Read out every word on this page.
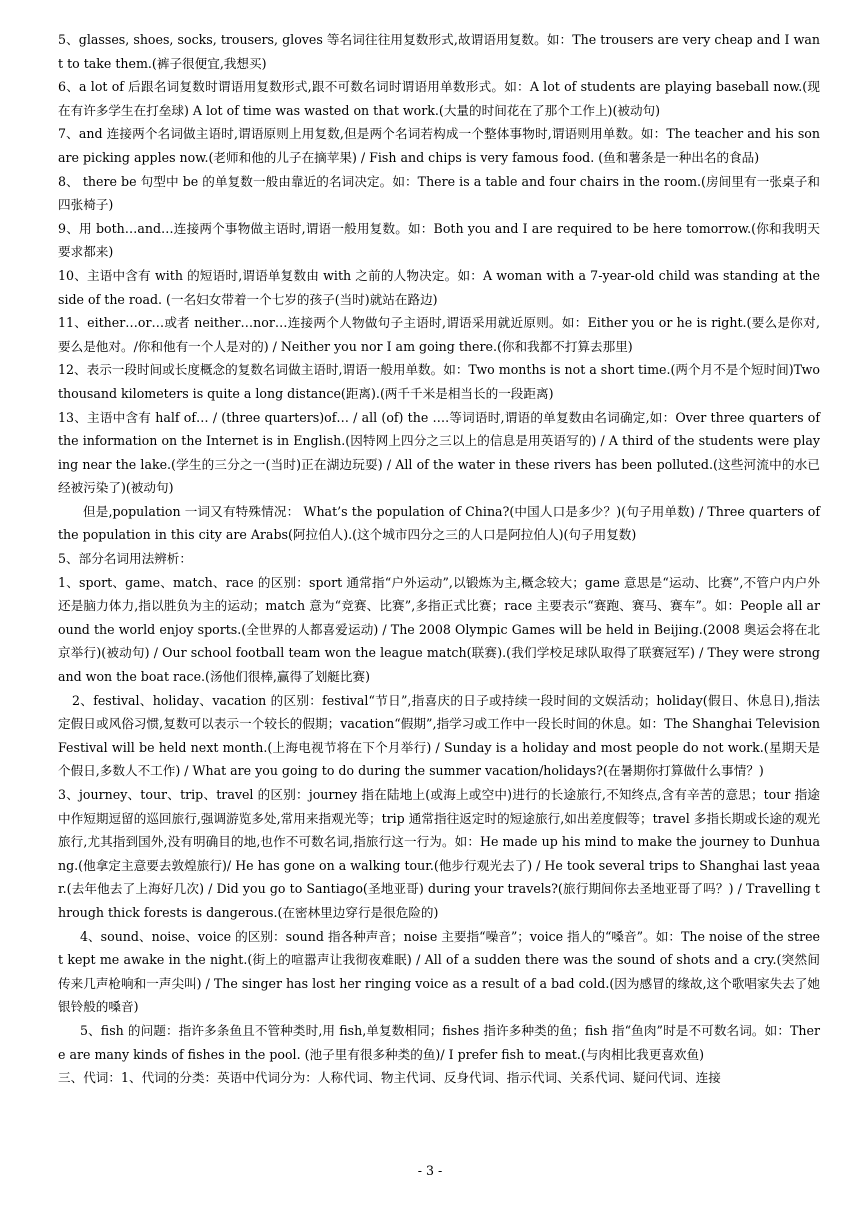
5、glasses, shoes, socks, trousers, gloves 等名词往往用复数形式,故谓语用复数。如：The trousers are very cheap and I want to take them.(裤子很便宜,我想买)

6、a lot of 后跟名词复数时谓语用复数形式,跟不可数名词时谓语用单数形式。如：A lot of students are playing baseball now.(现在有许多学生在打垒球) A lot of time was wasted on that work.(大量的时间花在了那个工作上)(被动句)

7、and 连接两个名词做主语时,谓语原则上用复数,但是两个名词若构成一个整体事物时,谓语则用单数。如：The teacher and his son are picking apples now.(老师和他的儿子在摘苹果) / Fish and chips is very famous food. (鱼和薯条是一种出名的食品)

8、 there be 句型中 be 的单复数一般由靠近的名词决定。如：There is a table and four chairs in the room.(房间里有一张桌子和四张椅子)

9、用 both…and…连接两个事物做主语时,谓语一般用复数。如：Both you and I are required to be here tomorrow.(你和我明天要求都来)

10、主语中含有 with 的短语时,谓语单复数由 with 之前的人物决定。如：A woman with a 7-year-old child was standing at the side of the road. (一名妇女带着一个七岁的孩子(当时)就站在路边)

11、either…or…或者 neither…nor…连接两个人物做句子主语时,谓语采用就近原则。如：Either you or he is right.(要么是你对,要么是他对。/你和他有一个人是对的) / Neither you nor I am going there.(你和我都不打算去那里)

12、表示一段时间或长度概念的复数名词做主语时,谓语一般用单数。如：Two months is not a short time.(两个月不是个短时间)Two thousand kilometers is quite a long distance(距离).(两千千米是相当长的一段距离)

13、主语中含有 half of… / (three quarters)of… / all (of) the ….等词语时,谓语的单复数由名词确定,如：Over three quarters of the information on the Internet is in English.(因特网上四分之三以上的信息是用英语写的) / A third of the students were playing near the lake.(学生的三分之一(当时)正在湖边玩耍) / All of the water in these rivers has been polluted.(这些河流中的水已经被污染了)(被动句)

但是,population 一词又有特殊情况： What’s the population of China?(中国人口是多少？)(句子用单数) / Three quarters of the population in this city are Arabs(阿拉伯人).(这个城市四分之三的人口是阿拉伯人)(句子用复数)

5、部分名词用法辨析：

1、sport、game、match、race 的区别：sport 通常指“户外运动”,以锻炼为主,概念较大；game 意思是“运动、比赛”,不管户内户外还是脑力体力,指以胜负为主的运动；match 意为“竞赛、比赛”,多指正式比赛；race 主要表示“赛跑、赛马、赛车”。如：People all around the world enjoy sports.(全世界的人都喜爱运动) / The 2008 Olympic Games will be held in Beijing.(2008 奥运会将在北京举行)(被动句) / Our school football team won the league match(联赛).(我们学校足球队取得了联赛冠军) / They were strong and won the boat race.(汤他们很棒,赢得了划艇比赛)

2、festival、holiday、vacation 的区别：festival“节日”,指喜庆的日子或持续一段时间的文娱活动；holiday(假日、休息日),指法定假日或风俗习惯,复数可以表示一个较长的假期；vacation“假期”,指学习或工作中一段长时间的休息。如：The Shanghai Television Festival will be held next month.(上海电视节将在下个月举行) / Sunday is a holiday and most people do not work.(星期天是个假日,多数人不工作) / What are you going to do during the summer vacation/holidays?(在暑期你打算做什么事情？)

3、journey、tour、trip、travel 的区别：journey 指在陆地上(或海上或空中)进行的长途旅行,不知终点,含有辛苦的意思；tour 指途中作短期逗留的巡回旅行,强调游览多处,常用来指观光等；trip 通常指往返定时的短途旅行,如出差度假等；travel 多指长期或长途的观光旅行,尤其指到国外,没有明确目的地,也作不可数名词,指旅行这一行为。如：He made up his mind to make the journey to Dunhuang.(他拿定主意要去敦煌旅行)/ He has gone on a walking tour.(他步行观光去了) / He took several trips to Shanghai last yeaar.(去年他去了上海好几次) / Did you go to Santiago(圣地亚哥) during your travels?(旅行期间你去圣地亚哥了吗？) / Travelling through thick forests is dangerous.(在密林里边穿行是很危险的)

4、sound、noise、voice 的区别：sound 指各种声音；noise 主要指“噪音”；voice 指人的“嗓音”。如：The noise of the street kept me awake in the night.(街上的喧嚣声让我彻夜难眠) / All of a sudden there was the sound of shots and a cry.(突然间传来几声枪响和一声尖叫) / The singer has lost her ringing voice as a result of a bad cold.(因为感冒的缘故,这个歌唱家失去了她银铃般的嗓音)

5、fish 的问题：指许多条鱼且不管种类时,用 fish,单复数相同；fishes 指许多种类的鱼；fish 指“鱼肉”时是不可数名词。如：There are many kinds of fishes in the pool. (池子里有很多种类的鱼)/ I prefer fish to meat.(与肉相比我更喜欢鱼)

三、代词：1、代词的分类：英语中代词分为：人称代词、物主代词、反身代词、指示代词、关系代词、疑问代词、连接

- 3 -
